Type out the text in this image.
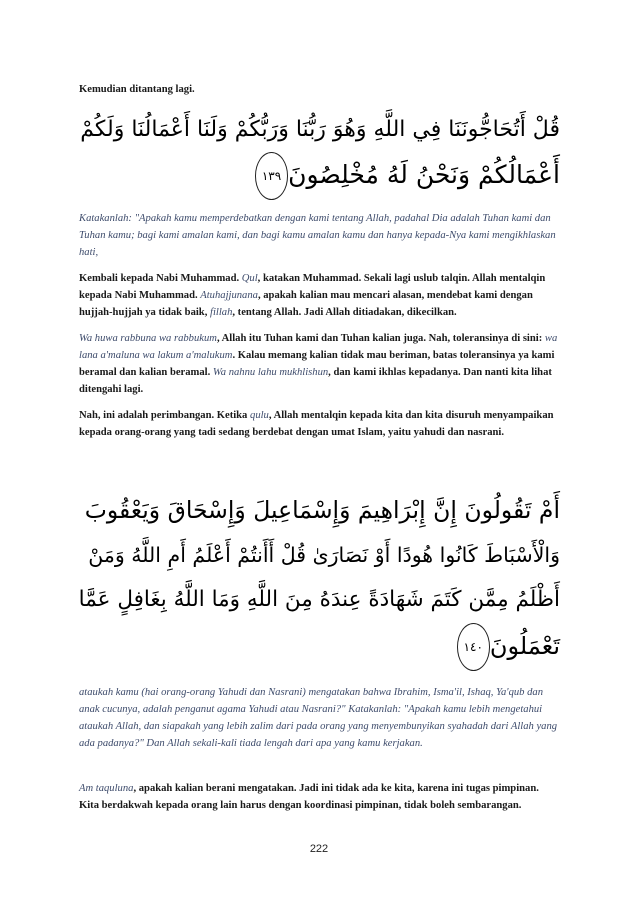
Kemudian ditantang lagi.

قُلْ أَتُحَاجُّونَنَا فِي اللَّهِ وَهُوَ رَبُّنَا وَرَبُّكُمْ وَلَنَا أَعْمَالُنَا وَلَكُمْ
أَعْمَالُكُمْ وَنَحْنُ لَهُ مُخْلِصُونَ١٣٩

Katakanlah: "Apakah kamu memperdebatkan dengan kami tentang Allah, padahal Dia adalah Tuhan kami dan Tuhan kamu; bagi kami amalan kami, dan bagi kamu amalan kamu dan hanya kepada-Nya kami mengikhlaskan hati,

Kembali kepada Nabi Muhammad. Qul, katakan Muhammad. Sekali lagi uslub talqin. Allah mentalqin kepada Nabi Muhammad. Atuhajjunana, apakah kalian mau mencari alasan, mendebat kami dengan hujjah-hujjah ya tidak baik, fillah, tentang Allah. Jadi Allah ditiadakan, dikecilkan.

Wa huwa rabbuna wa rabbukum, Allah itu Tuhan kami dan Tuhan kalian juga. Nah, toleransinya di sini: wa lana a'maluna wa lakum a'malukum. Kalau memang kalian tidak mau beriman, batas toleransinya ya kami beramal dan kalian beramal. Wa nahnu lahu mukhlishun, dan kami ikhlas kepadanya. Dan nanti kita lihat ditengahi lagi.

Nah, ini adalah perimbangan. Ketika qulu, Allah mentalqin kepada kita dan kita disuruh menyampaikan kepada orang-orang yang tadi sedang berdebat dengan umat Islam, yaitu yahudi dan nasrani.

أَمْ تَقُولُونَ إِنَّ إِبْرَاهِيمَ وَإِسْمَاعِيلَ وَإِسْحَاقَ وَيَعْقُوبَ
وَالْأَسْبَاطَ كَانُوا هُودًا أَوْ نَصَارَىٰ قُلْ أَأَنتُمْ أَعْلَمُ أَمِ اللَّهُ وَمَنْ
أَظْلَمُ مِمَّن كَتَمَ شَهَادَةً عِندَهُ مِنَ اللَّهِ وَمَا اللَّهُ بِغَافِلٍ عَمَّا
تَعْمَلُونَ١٤٠

ataukah kamu (hai orang-orang Yahudi dan Nasrani) mengatakan bahwa Ibrahim, Isma'il, Ishaq, Ya'qub dan anak cucunya, adalah penganut agama Yahudi atau Nasrani?" Katakanlah: "Apakah kamu lebih mengetahui ataukah Allah, dan siapakah yang lebih zalim dari pada orang yang menyembunyikan syahadah dari Allah yang ada padanya?" Dan Allah sekali-kali tiada lengah dari apa yang kamu kerjakan.

Am taquluna, apakah kalian berani mengatakan. Jadi ini tidak ada ke kita, karena ini tugas pimpinan. Kita berdakwah kepada orang lain harus dengan koordinasi pimpinan, tidak boleh sembarangan.

222
